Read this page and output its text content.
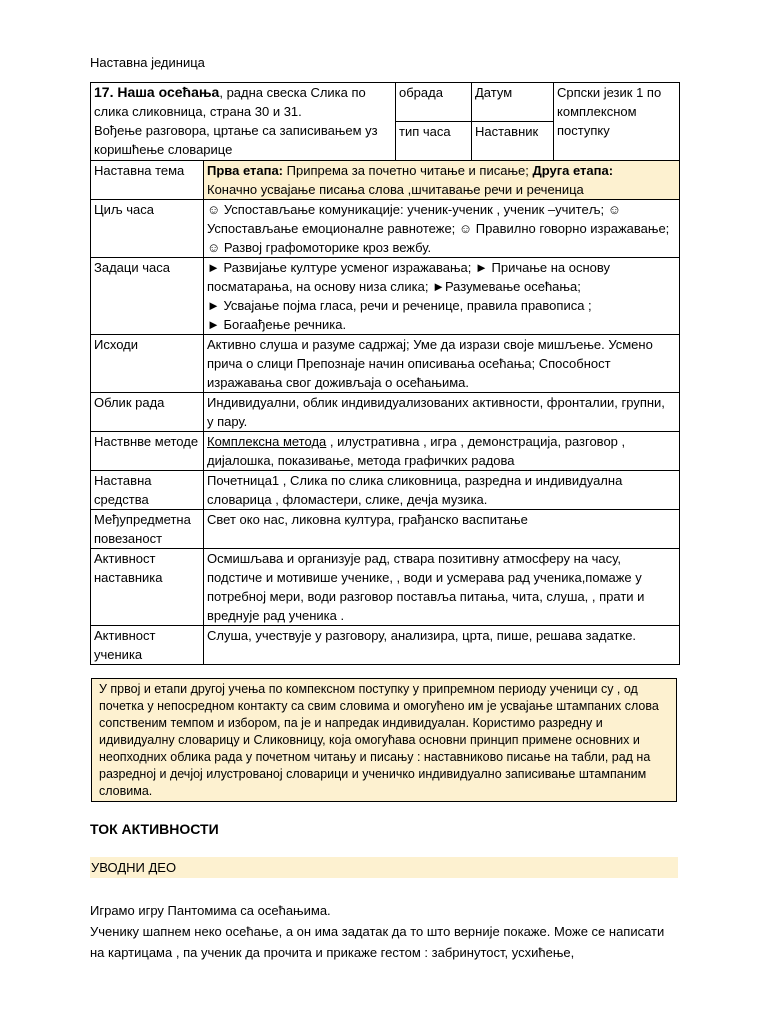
Наставна јединица
17. Наша осећања, радна свеска Слика по слика сликовница, страна 30 и 31.
Вођење разговора, цртање са записивањем уз коришћење словарице		обрада	Датум	Српски језик 1 по комплексном поступку
		тип часа	Наставник	
Наставна тема	Прва етапа: Припрема за почетно читање и писање; Друга етапа:
Коначно усвајање писања слова ,шчитавање речи и реченица			
Циљ часа	☺ Успостављање комуникације: ученик-ученик , ученик –учитељ; ☺ Успостављање емоционалне равнотеже; ☺ Правилно говорно изражавање; ☺ Развој графомоторике кроз вежбу.			
Задаци часа	► Развијање културе усменог изражавања; ► Причање на основу посматарања, на основу низа слика; ►Разумевање осећања;
► Усвајање појма гласа, речи и реченице, правила правописа ;
► Богаађење речника.			
Исходи	Активно слуша и разуме садржај; Уме да изрази своје мишљење. Усмено прича о слици Препознаје начин описивања осећања; Способност изражавања свог доживљаја о осећањима.			
Облик рада	Индивидуални, облик индивидуализованих активности, фронталии, групни, у пару.			
Наствнве методе	Комплексна метода , илустративна , игра , демонстрација, разговор , дијалошка, показивање, метода графичких радова			
Наставна средства	Почетница1 , Слика по слика сликовница, разредна и индивидуална словарица , фломастери, слике, дечја музика.			
Међупредметна повезаност	Свет око нас, ликовна култура, грађанско васпитање			
Активност наставника	Осмишљава и организује рад, ствара позитивну атмосферу на часу, подстиче и мотивише ученике, , води и усмерава рад ученика,помаже у потребној мери, води разговор поставља питања, чита, слуша, , прати и вреднује рад ученика .			
Активност ученика	Слуша, учествује у разговору, анализира, црта, пише, решава задатке.			
У првој и етапи другој учења по компексном поступку у припремном периоду ученици су , од почетка у непосредном контакту са свим словима и омогућено им је усвајање штампаних слова сопственим темпом и избором, па је и напредак индивидуалан. Користимо разредну и идивидуалну словарицу и Сликовницу, која омогућава основни принцип примене основних и неопходних облика рада у почетном читању и писању : наставниково писање на табли, рад на разредној и дечјој илустрованој словарици и ученичко индивидуално записивање штампаним словима.
ТОК АКТИВНОСТИ
УВОДНИ ДЕО

Играмо игру Пантомима са осећањима.

Ученику шапнем неко осећање, а он има задатак да то што верније покаже. Може се написати на картицама , па ученик да прочита и прикаже гестом : забринутост, усхићење,
